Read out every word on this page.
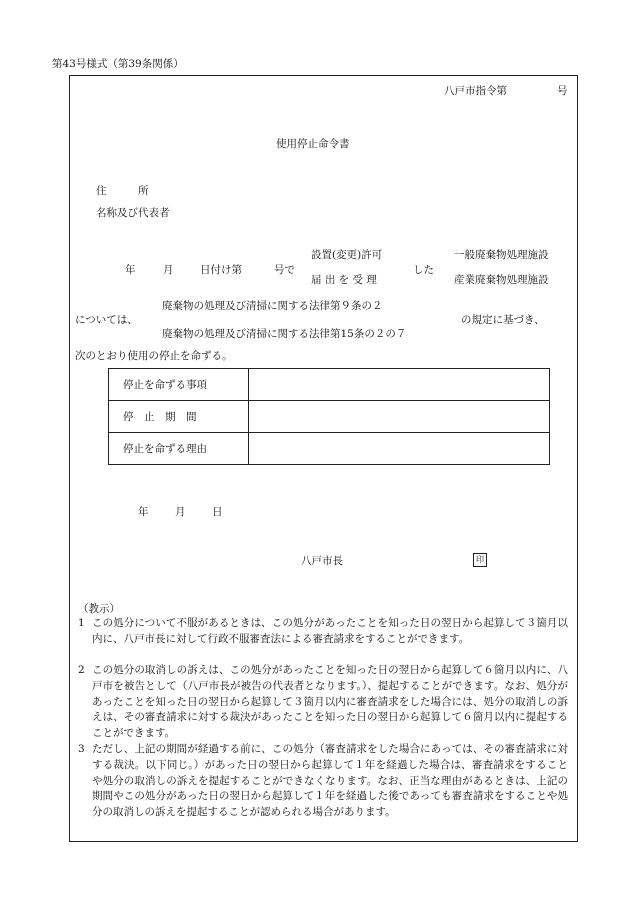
第43号様式（第39条関係）
八戸市指令第	号
使用停止命令書
住　　　所
名称及び代表者
年	月	日付け第	号で
設置(変更)許可
届 出 を 受 理
した
一般廃棄物処理施設
産業廃棄物処理施設
廃棄物の処理及び清掃に関する法律第９条の２
については、	の規定に基づき、
廃棄物の処理及び清掃に関する法律第15条の２の７
次のとおり使用の停止を命ずる。
停止を命ずる事項	
停　止　期　間	
停止を命ずる理由	
年	月	日
八戸市長	印
（教示）
1 この処分について不服があるときは、この処分があったことを知った日の翌日から起算して３箇月以内に、八戸市長に対して行政不服審査法による審査請求をすることができます。
2 この処分の取消しの訴えは、この処分があったことを知った日の翌日から起算して６箇月以内に、八戸市を被告として（八戸市長が被告の代表者となります。）、提起することができます。なお、処分があったことを知った日の翌日から起算して３箇月以内に審査請求をした場合には、処分の取消しの訴えは、その審査請求に対する裁決があったことを知った日の翌日から起算して６箇月以内に提起することができます。
3 ただし、上記の期間が経過する前に、この処分（審査請求をした場合にあっては、その審査請求に対する裁決。以下同じ。）があった日の翌日から起算して１年を経過した場合は、審査請求をすることや処分の取消しの訴えを提起することができなくなります。なお、正当な理由があるときは、上記の期間やこの処分があった日の翌日から起算して１年を経過した後であっても審査請求をすることや処分の取消しの訴えを提起することが認められる場合があります。
